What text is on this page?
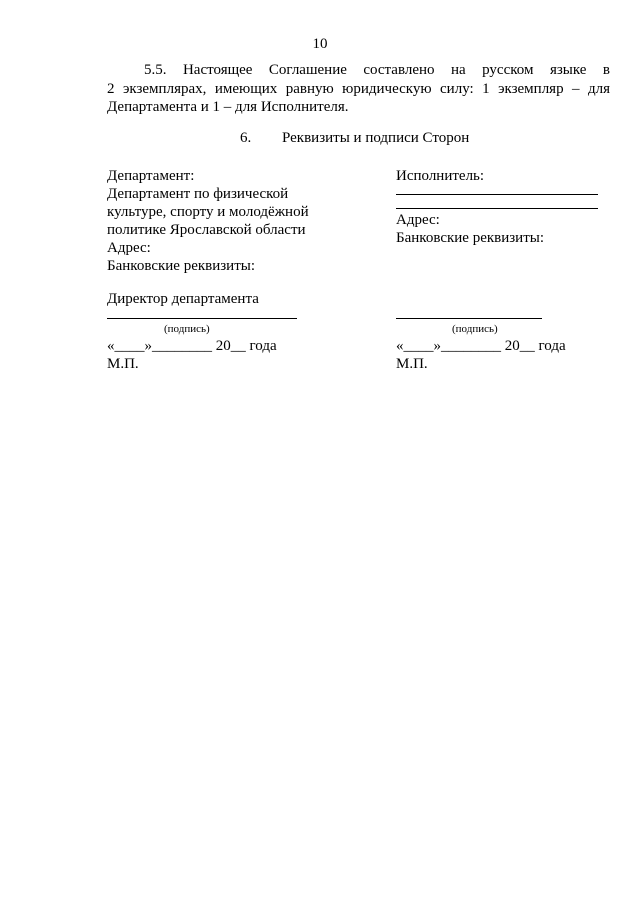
10
5.5. Настоящее Соглашение составлено на русском языке в
2 экземплярах, имеющих равную юридическую силу: 1 экземпляр – для
Департамента и 1 – для Исполнителя.
6. Реквизиты и подписи Сторон
Департамент:
Департамент по физической
культуре, спорту и молодёжной
политике Ярославской области
Адрес:
Банковские реквизиты:
Директор департамента
(подпись)
«____»________ 20__ года
М.П.
Исполнитель:
Адрес:
Банковские реквизиты:
(подпись)
«____»________ 20__ года
М.П.
